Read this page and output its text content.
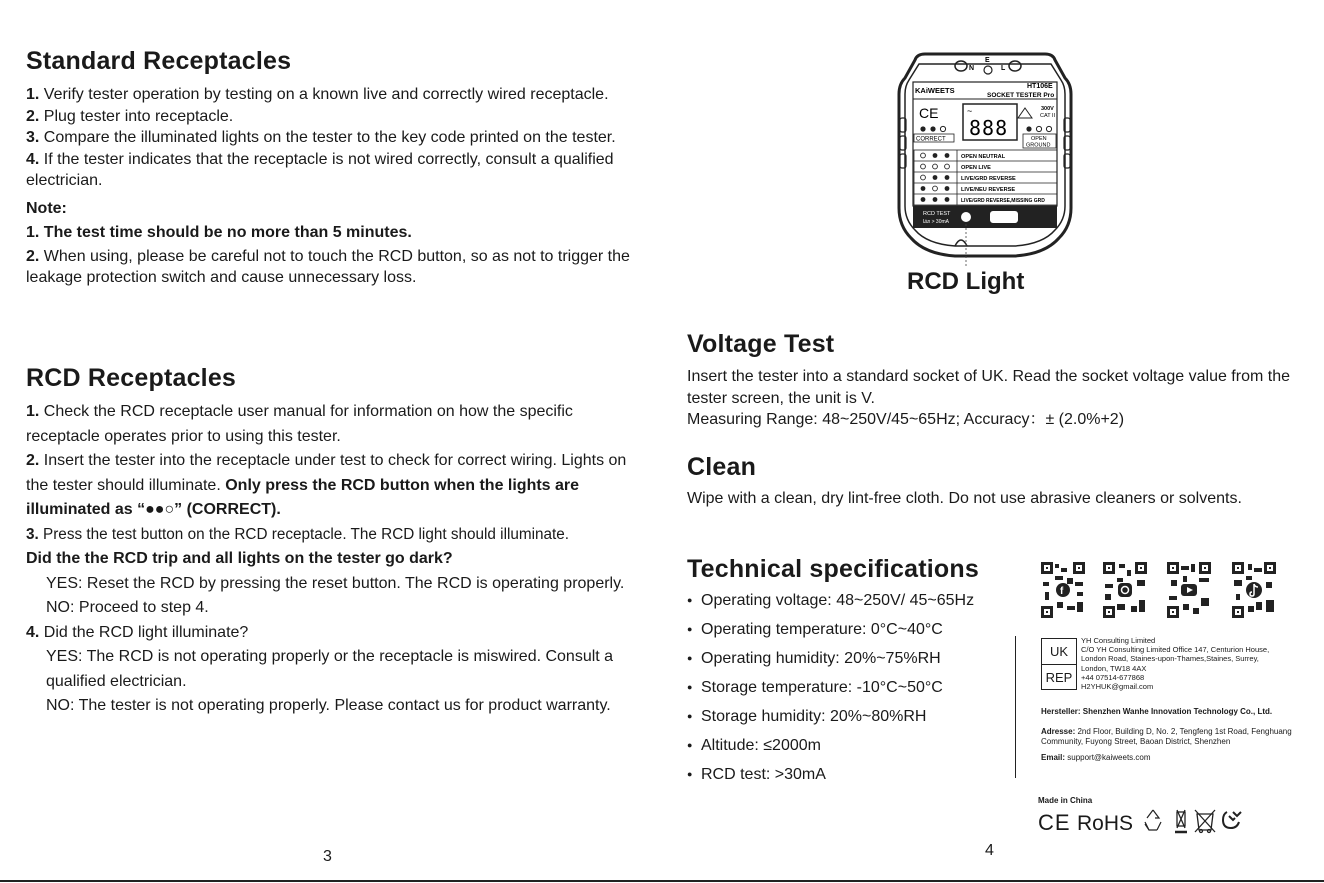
Standard Receptacles

1. Verify tester operation by testing on a known live and correctly wired receptacle.

2. Plug tester into receptacle.

3. Compare the illuminated lights on the tester to the key code printed on the tester.

4. If the tester indicates that the receptacle is not wired correctly, consult a qualified electrician.

Note:

1. The test time should be no more than 5 minutes.

2. When using, please be careful not to touch the RCD button, so as not to trigger the leakage protection switch and cause unnecessary loss.

RCD Receptacles

1. Check the RCD receptacle user manual for information on how the specific receptacle operates prior to using this tester.

2. Insert the tester into the receptacle under test to check for correct wiring. Lights on the tester should illuminate. Only press the RCD button when the lights are illuminated as “●●○” (CORRECT).

3. Press the test button on the RCD receptacle. The RCD light should illuminate.

Did the the RCD trip and all lights on the tester go dark?

YES: Reset the RCD by pressing the reset button. The RCD is operating properly.

NO: Proceed to step 4.

4. Did the RCD light illuminate?

YES: The RCD is not operating properly or the receptacle is miswired. Consult a qualified electrician.

NO: The tester is not operating properly. Please contact us for product warranty.

3
N
E
L
KAiWEETS	HT106E
SOCKET TESTER Pro
CE	~
888
300V
CAT II
CORRECT	OPEN
GROUND
OPEN NEUTRAL
OPEN LIVE
LIVE/GRD REVERSE
LIVE/NEU REVERSE
LIVE/GRD REVERSE,MISSING GRD
RCD TEST
I∆n > 30mA
RCD Light
Voltage Test

Insert the tester into a standard socket of UK. Read the socket voltage value from the tester screen, the unit is V.

Measuring Range: 48~250V/45~65Hz; Accuracy：± (2.0%+2)

Clean

Wipe with a clean, dry lint-free cloth. Do not use abrasive cleaners or solvents.

Technical specifications
● Operating voltage: 48~250V/ 45~65Hz
● Operating temperature: 0°C~40°C
● Operating humidity: 20%~75%RH
● Storage temperature: -10°C~50°C
● Storage humidity: 20%~80%RH
● Altitude: ≤2000m
● RCD test: >30mA
f
UK
REP
YH Consulting Limited
C/O YH Consulting Limited Office 147, Centurion House,
London Road, Staines-upon-Thames,Staines, Surrey,
London, TW18 4AX
+44 07514-677868
H2YHUK@gmail.com
Hersteller: Shenzhen Wanhe Innovation Technology Co., Ltd.
Adresse: 2nd Floor, Building D, No. 2, Tengfeng 1st Road, Fenghuang Community, Fuyong Street, Baoan District, Shenzhen
Email: support@kaiweets.com
Made in China
CE RoHS
4
